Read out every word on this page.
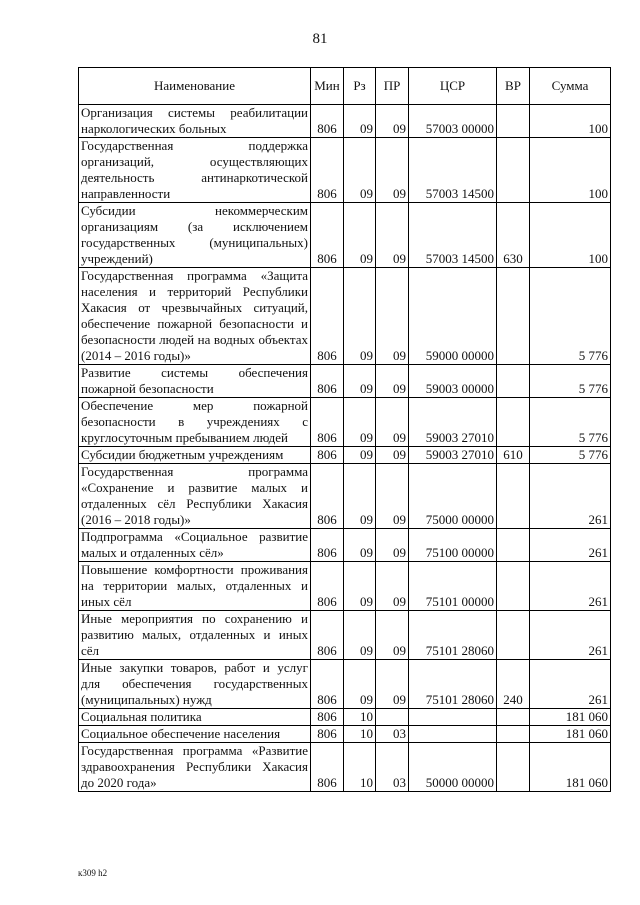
81
Наименование	Мин	Рз	ПР	ЦСР	ВР	Сумма
Организация системы реабилитации наркологических больных	806	09	09	57003 00000		100
Государственная поддержка организаций, осуществляющих деятельность антинаркотической направленности	806	09	09	57003 14500		100
Субсидии некоммерческим организациям (за исключением государственных (муниципальных) учреждений)	806	09	09	57003 14500	630	100
Государственная программа «Защита населения и территорий Республики Хакасия от чрезвычайных ситуаций, обеспечение пожарной безопасности и безопасности людей на водных объектах (2014 – 2016 годы)»	806	09	09	59000 00000		5 776
Развитие системы обеспечения пожарной безопасности	806	09	09	59003 00000		5 776
Обеспечение мер пожарной безопасности в учреждениях с круглосуточным пребыванием людей	806	09	09	59003 27010		5 776
Субсидии бюджетным учреждениям	806	09	09	59003 27010	610	5 776
Государственная программа «Сохранение и развитие малых и отдаленных сёл Республики Хакасия (2016 – 2018 годы)»	806	09	09	75000 00000		261
Подпрограмма «Социальное развитие малых и отдаленных сёл»	806	09	09	75100 00000		261
Повышение комфортности проживания на территории малых, отдаленных и иных сёл	806	09	09	75101 00000		261
Иные мероприятия по сохранению и развитию малых, отдаленных и иных сёл	806	09	09	75101 28060		261
Иные закупки товаров, работ и услуг для обеспечения государственных (муниципальных) нужд	806	09	09	75101 28060	240	261
Социальная политика	806	10				181 060
Социальное обеспечение населения	806	10	03			181 060
Государственная программа «Развитие здравоохранения Республики Хакасия до 2020 года»	806	10	03	50000 00000		181 060
к309 h2
